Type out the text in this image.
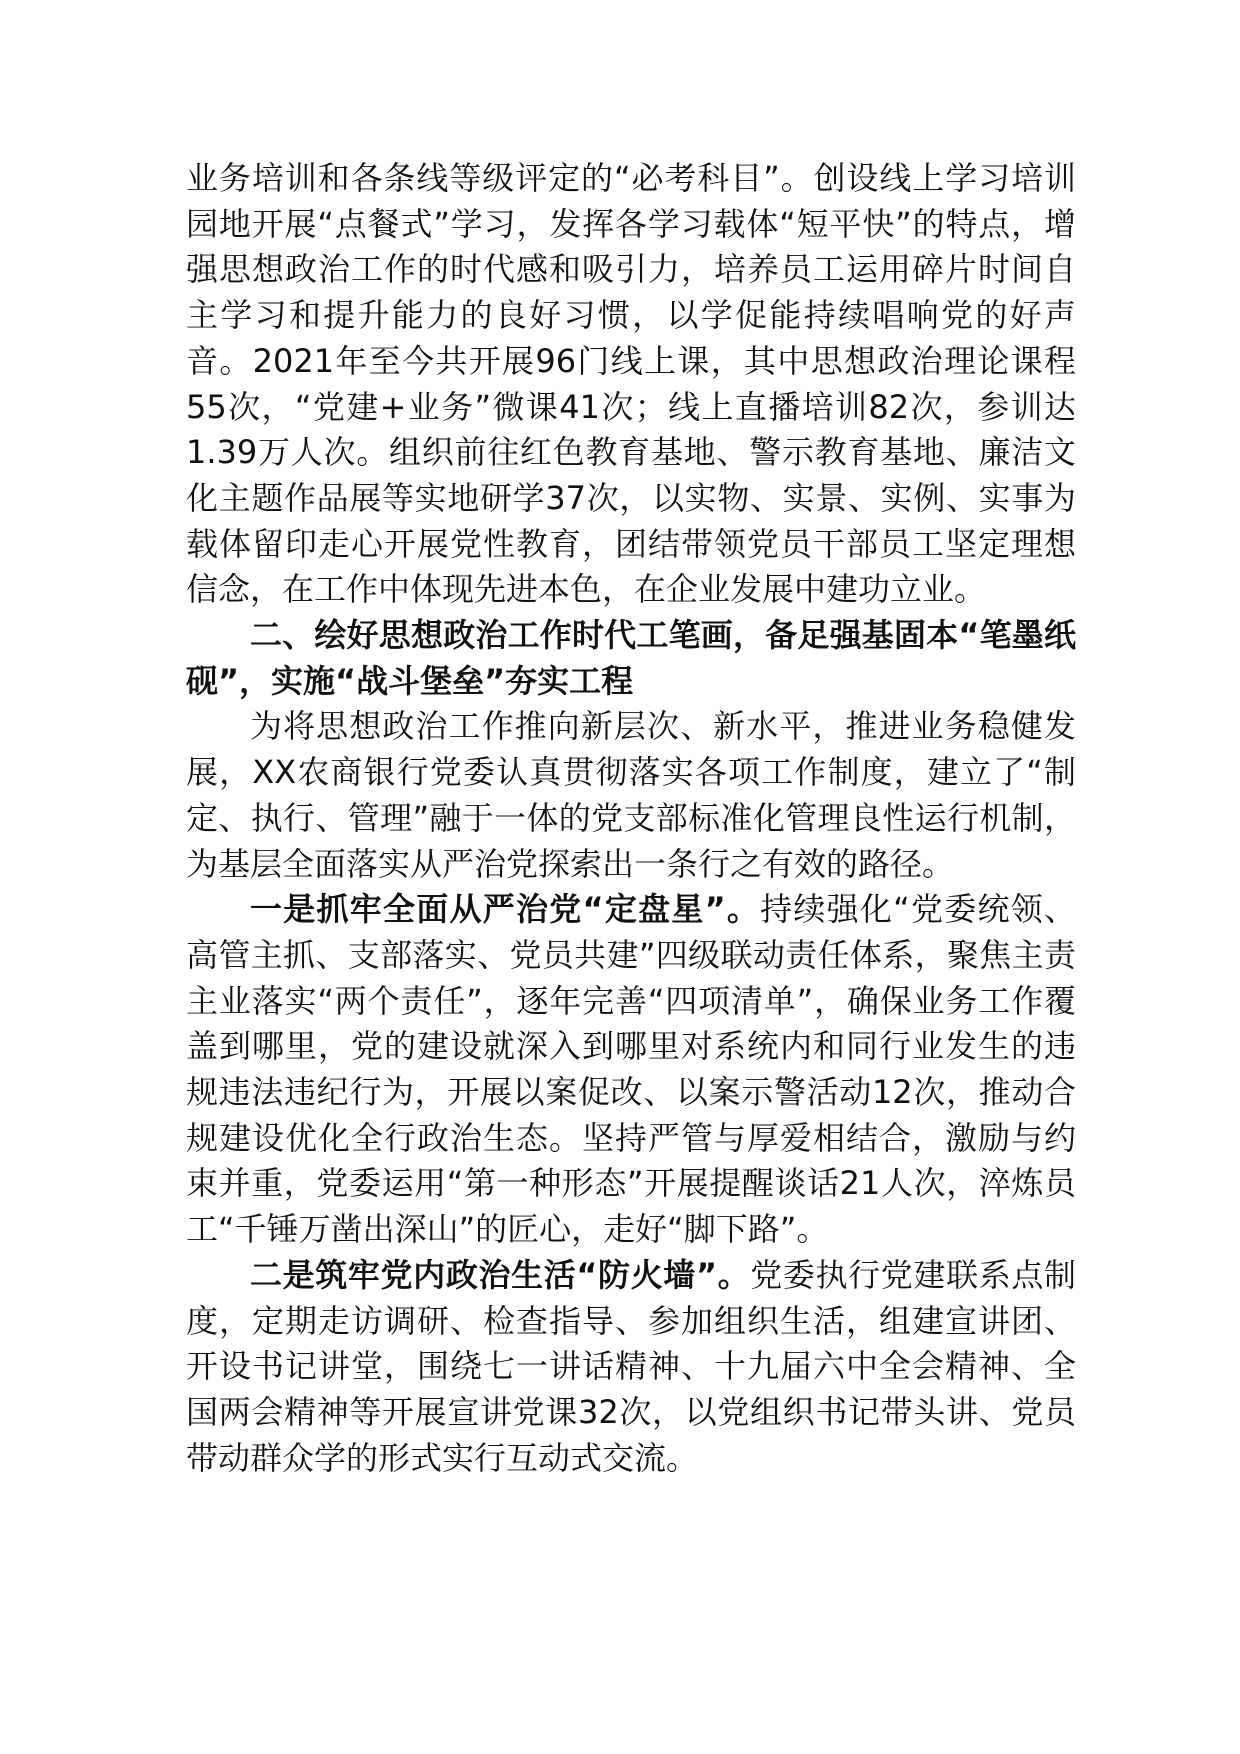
业务培训和各条线等级评定的“必考科目”。创设线上学习培训园地开展“点餐式”学习，发挥各学习载体“短平快”的特点，增强思想政治工作的时代感和吸引力，培养员工运用碎片时间自主学习和提升能力的良好习惯，以学促能持续唱响党的好声音。2021年至今共开展96门线上课，其中思想政治理论课程55次，“党建+业务”微课41次；线上直播培训82次，参训达1.39万人次。组织前往红色教育基地、警示教育基地、廉洁文化主题作品展等实地研学37次，以实物、实景、实例、实事为载体留印走心开展党性教育，团结带领党员干部员工坚定理想信念，在工作中体现先进本色，在企业发展中建功立业。

二、绘好思想政治工作时代工笔画，备足强基固本“笔墨纸砚”，实施“战斗堡垒”夯实工程

为将思想政治工作推向新层次、新水平，推进业务稳健发展，XX农商银行党委认真贯彻落实各项工作制度，建立了“制定、执行、管理”融于一体的党支部标准化管理良性运行机制，为基层全面落实从严治党探索出一条行之有效的路径。

一是抓牢全面从严治党“定盘星”。持续强化“党委统领、高管主抓、支部落实、党员共建”四级联动责任体系，聚焦主责主业落实“两个责任”，逐年完善“四项清单”，确保业务工作覆盖到哪里，党的建设就深入到哪里对系统内和同行业发生的违规违法违纪行为，开展以案促改、以案示警活动12次，推动合规建设优化全行政治生态。坚持严管与厚爱相结合，激励与约束并重，党委运用“第一种形态”开展提醒谈话21人次，淬炼员工“千锤万凿出深山”的匠心，走好“脚下路”。

二是筑牢党内政治生活“防火墙”。党委执行党建联系点制度，定期走访调研、检查指导、参加组织生活，组建宣讲团、开设书记讲堂，围绕七一讲话精神、十九届六中全会精神、全国两会精神等开展宣讲党课32次，以党组织书记带头讲、党员带动群众学的形式实行互动式交流。
